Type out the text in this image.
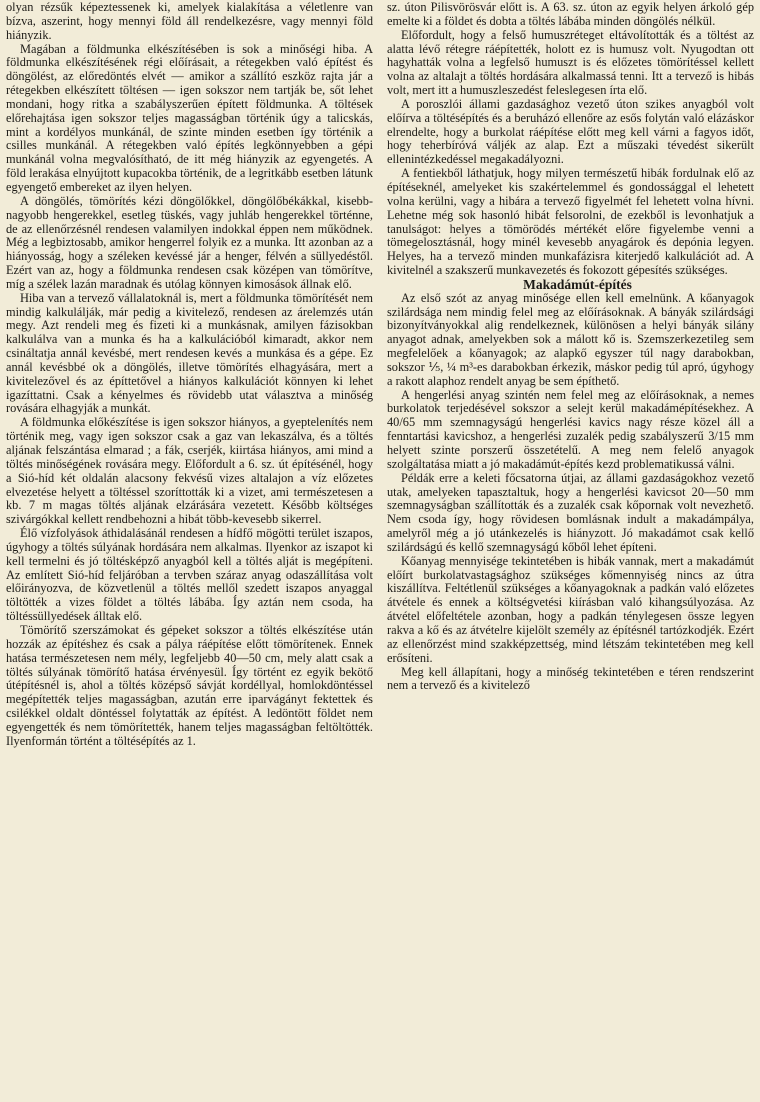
olyan rézsűk képeztessenek ki, amelyek kialakítása a véletlenre van bízva, aszerint, hogy mennyi föld áll rendelkezésre, vagy mennyi föld hiányzik.

Magában a földmunka elkészítésében is sok a minőségi hiba. A földmunka elkészítésének régi előírásait, a rétegekben való építést és döngölést, az előredöntés elvét — amikor a szállító eszköz rajta jár a rétegekben elkészített töltésen — igen sokszor nem tartják be, sőt lehet mondani, hogy ritka a szabályszerűen épített földmunka. A töltések előrehajtása igen sokszor teljes magasságban történik úgy a talicskás, mint a kordélyos munkánál, de szinte minden esetben így történik a csilles munkánál. A rétegekben való építés legkönnyebben a gépi munkánál volna megvalósítható, de itt még hiányzik az egyengetés. A föld lerakása elnyújtott kupacokba történik, de a legritkább esetben látunk egyengető embereket az ilyen helyen.

A döngölés, tömörítés kézi döngölőkkel, döngölőbékákkal, kisebb-nagyobb hengerekkel, esetleg tüskés, vagy juhláb hengerekkel történne, de az ellenőrzésnél rendesen valamilyen indokkal éppen nem működnek. Még a legbiztosabb, amikor hengerrel folyik ez a munka. Itt azonban az a hiányosság, hogy a széleken kevéssé jár a henger, félvén a süllyedéstől. Ezért van az, hogy a földmunka rendesen csak középen van tömörítve, míg a szélek lazán maradnak és utólag könnyen kimosások állnak elő.

Hiba van a tervező vállalatoknál is, mert a földmunka tömörítését nem mindig kalkulálják, már pedig a kivitelező, rendesen az árelemzés után megy. Azt rendeli meg és fizeti ki a munkásnak, amilyen fázisokban kalkulálva van a munka és ha a kalkulációból kimaradt, akkor nem csináltatja annál kevésbé, mert rendesen kevés a munkása és a gépe. Ez annál kevésbbé ok a döngölés, illetve tömörítés elhagyására, mert a kivitelezővel és az építtetővel a hiányos kalkulációt könnyen ki lehet igazíttatni. Csak a kényelmes és rövidebb utat választva a minőség rovására elhagyják a munkát.

A földmunka előkészítése is igen sokszor hiányos, a gyeptelenítés nem történik meg, vagy igen sokszor csak a gaz van lekaszálva, és a töltés aljának felszántása elmarad ; a fák, cserjék, kiirtása hiányos, ami mind a töltés minőségének rovására megy. Előfordult a 6. sz. út építésénél, hogy a Sió-híd két oldalán alacsony fekvésű vizes altalajon a víz előzetes elvezetése helyett a töltéssel szoríttották ki a vizet, ami természetesen a kb. 7 m magas töltés aljának elzárására vezetett. Később költséges szivárgókkal kellett rendbehozni a hibát több-kevesebb sikerrel.

Élő vízfolyások áthidalásánál rendesen a hídfő mögötti terület iszapos, úgyhogy a töltés súlyának hordására nem alkalmas. Ilyenkor az iszapot ki kell termelni és jó töltésképző anyagból kell a töltés alját is megépíteni. Az említett Sió-híd feljáróban a tervben száraz anyag odaszállítása volt előirányozva, de közvetlenül a töltés mellől szedett iszapos anyaggal töltötték a vizes földet a töltés lábába. Így aztán nem csoda, ha töltéssüllyedések álltak elő.

Tömörítő szerszámokat és gépeket sokszor a töltés elkészítése után hozzák az építéshez és csak a pálya ráépítése előtt tömörítenek. Ennek hatása természetesen nem mély, legfeljebb 40—50 cm, mely alatt csak a töltés súlyának tömörítő hatása érvényesül. Így történt ez egyik bekötő útépítésnél is, ahol a töltés középső sávját kordéllyal, homlokdöntéssel megépítették teljes magasságban, azután erre iparvágányt fektettek és csilékkel oldalt döntéssel folytatták az építést. A ledöntött földet nem egyengették és nem tömörítették, hanem teljes magasságban feltöltötték. Ilyenformán történt a töltésépítés az 1.

sz. úton Pilisvörösvár előtt is. A 63. sz. úton az egyik helyen árkoló gép emelte ki a földet és dobta a töltés lábába minden döngölés nélkül.

Előfordult, hogy a felső humuszréteget eltávolították és a töltést az alatta lévő rétegre ráépítették, holott ez is humusz volt. Nyugodtan ott hagyhatták volna a legfelső humuszt is és előzetes tömörítéssel kellett volna az altalajt a töltés hordására alkalmassá tenni. Itt a tervező is hibás volt, mert itt a humuszleszedést feleslegesen írta elő.

A poroszlói állami gazdasághoz vezető úton szikes anyagból volt előírva a töltésépítés és a beruházó ellenőre az esős folytán való elázáskor elrendelte, hogy a burkolat ráépítése előtt meg kell várni a fagyos időt, hogy teherbíróvá váljék az alap. Ezt a műszaki tévedést sikerült ellenintézkedéssel megakadályozni.

A fentiekből láthatjuk, hogy milyen természetű hibák fordulnak elő az építéseknél, amelyeket kis szakértelemmel és gondossággal el lehetett volna kerülni, vagy a hibára a tervező figyelmét fel lehetett volna hívni. Lehetne még sok hasonló hibát felsorolni, de ezekből is levonhatjuk a tanulságot: helyes a tömörödés mértékét előre figyelembe venni a tömegelosztásnál, hogy minél kevesebb anyagárok és depónia legyen. Helyes, ha a tervező minden munkafázisra kiterjedő kalkulációt ad. A kivitelnél a szakszerű munkavezetés és fokozott gépesítés szükséges.

Makadámút-építés

Az első szót az anyag minősége ellen kell emelnünk. A kőanyagok szilárdsága nem mindig felel meg az előírásoknak. A bányák szilárdsági bizonyítványokkal alig rendelkeznek, különösen a helyi bányák silány anyagot adnak, amelyekben sok a málott kő is. Szemszerkezetileg sem megfelelőek a kőanyagok; az alapkő egyszer túl nagy darabokban, sokszor ⅕, ¼ m³-es darabokban érkezik, máskor pedig túl apró, úgyhogy a rakott alaphoz rendelt anyag be sem építhető.

A hengerlési anyag szintén nem felel meg az előírásoknak, a nemes burkolatok terjedésével sokszor a selejt kerül makadámépítésekhez. A 40/65 mm szemnagyságú hengerlési kavics nagy része közel áll a fenntartási kavicshoz, a hengerlési zuzalék pedig szabályszerű 3/15 mm helyett szinte porszerű összetételű. A meg nem felelő anyagok szolgáltatása miatt a jó makadámút-építés kezd problematikussá válni.

Példák erre a keleti főcsatorna útjai, az állami gazdaságokhoz vezető utak, amelyeken tapasztaltuk, hogy a hengerlési kavicsot 20—50 mm szemnagyságban szállították és a zuzalék csak kőpornak volt nevezhető. Nem csoda így, hogy rövidesen bomlásnak indult a makadámpálya, amelyről még a jó utánkezelés is hiányzott. Jó makadámot csak kellő szilárdságú és kellő szemnagyságú kőből lehet építeni.

Kőanyag mennyisége tekintetében is hibák vannak, mert a makadámút előírt burkolatvastagsághoz szükséges kőmennyiség nincs az útra kiszállítva. Feltétlenül szükséges a kőanyagoknak a padkán való előzetes átvétele és ennek a költségvetési kiírásban való kihangsúlyozása. Az átvétel előfeltétele azonban, hogy a padkán ténylegesen össze legyen rakva a kő és az átvételre kijelölt személy az építésnél tartózkodjék. Ezért az ellenőrzést mind szakképzettség, mind létszám tekintetében meg kell erősíteni.

Meg kell állapítani, hogy a minőség tekintetében e téren rendszerint nem a tervező és a kivitelező
